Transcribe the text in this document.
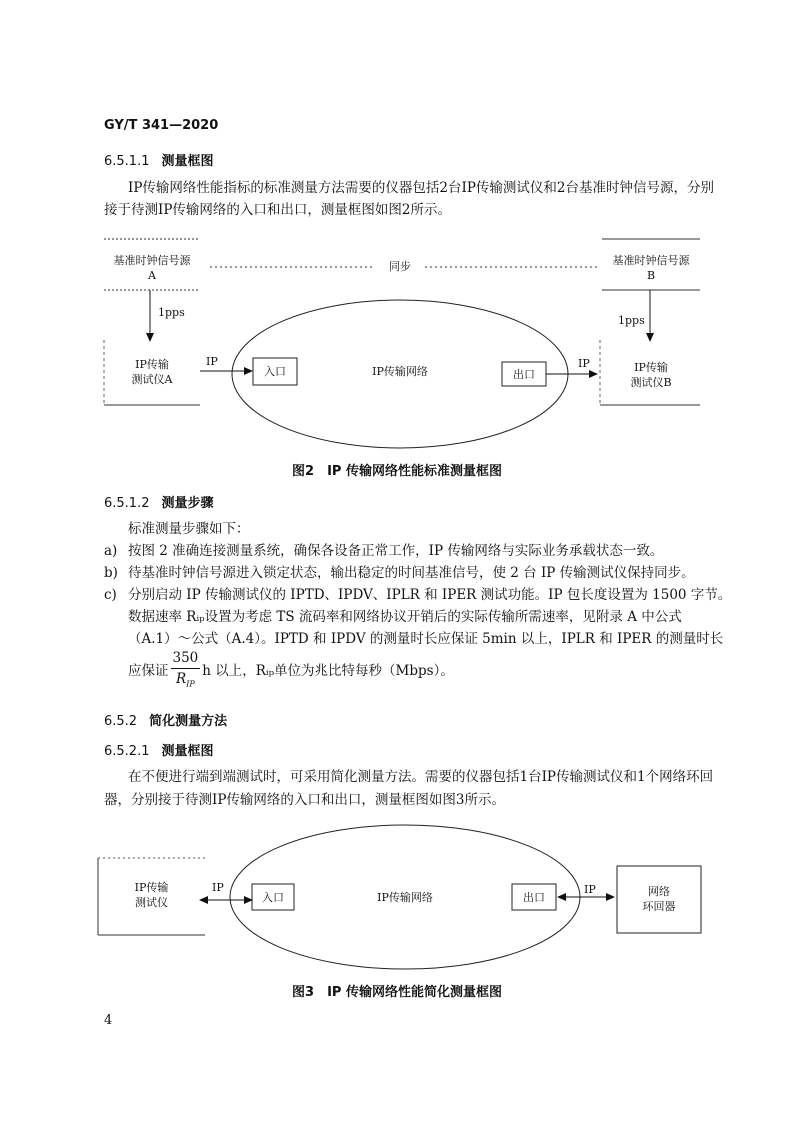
GY/T 341—2020
6.5.1.1 测量框图
IP传输网络性能指标的标准测量方法需要的仪器包括2台IP传输测试仪和2台基准时钟信号源，分别
接于待测IP传输网络的入口和出口，测量框图如图2所示。
基准时钟信号源
A
同步	基准时钟信号源
B
1pps
1pps
IP传输
测试仪A
IP
入口	IP传输网络	出口
IP	IP传输
测试仪B
图2　IP 传输网络性能标准测量框图
6.5.1.2 测量步骤
标准测量步骤如下：
a) 按图 2 准确连接测量系统，确保各设备正常工作，IP 传输网络与实际业务承载状态一致。
b) 待基准时钟信号源进入锁定状态，输出稳定的时间基准信号，使 2 台 IP 传输测试仪保持同步。
c) 分别启动 IP 传输测试仪的 IPTD、IPDV、IPLR 和 IPER 测试功能。IP 包长度设置为 1500 字节。
数据速率 Rᵢₚ设置为考虑 TS 流码率和网络协议开销后的实际传输所需速率，见附录 A 中公式
（A.1）～公式（A.4）。IPTD 和 IPDV 的测量时长应保证 5min 以上，IPLR 和 IPER 的测量时长
应保证 $\frac{350}{R_{IP}}$ h 以上，Rᵢₚ单位为兆比特每秒（Mbps）。
6.5.2 简化测量方法
6.5.2.1 测量框图
在不便进行端到端测试时，可采用简化测量方法。需要的仪器包括1台IP传输测试仪和1个网络环回
器，分别接于待测IP传输网络的入口和出口，测量框图如图3所示。
IP传输
测试仪
IP
入口	IP传输网络	出口
IP	网络
环回器
图3　IP 传输网络性能简化测量框图
4
